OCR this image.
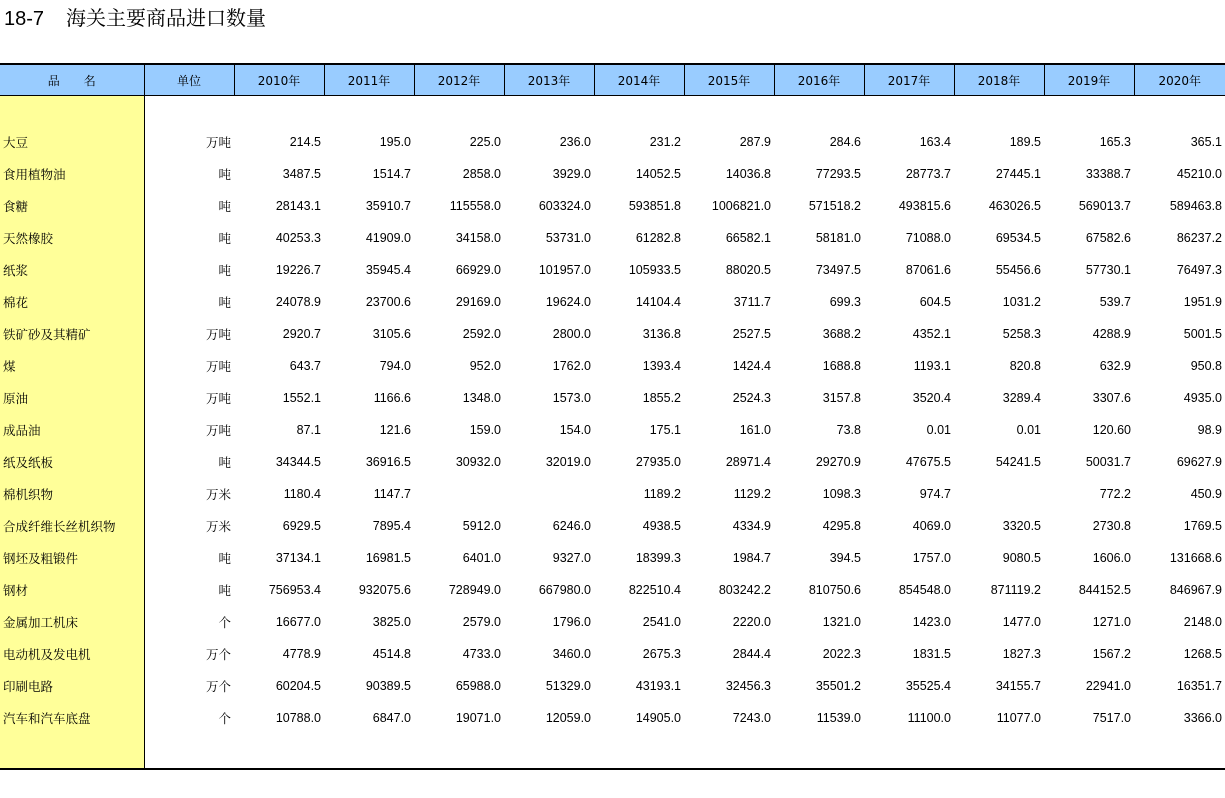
18-7 海关主要商品进口数量
品　　名	单位	2010年	2011年	2012年	2013年	2014年	2015年	2016年	2017年	2018年	2019年	2020年

大豆	万吨	214.5	195.0	225.0	236.0	231.2	287.9	284.6	163.4	189.5	165.3	365.1
食用植物油	吨	3487.5	1514.7	2858.0	3929.0	14052.5	14036.8	77293.5	28773.7	27445.1	33388.7	45210.0
食糖	吨	28143.1	35910.7	115558.0	603324.0	593851.8	1006821.0	571518.2	493815.6	463026.5	569013.7	589463.8
天然橡胶	吨	40253.3	41909.0	34158.0	53731.0	61282.8	66582.1	58181.0	71088.0	69534.5	67582.6	86237.2
纸浆	吨	19226.7	35945.4	66929.0	101957.0	105933.5	88020.5	73497.5	87061.6	55456.6	57730.1	76497.3
棉花	吨	24078.9	23700.6	29169.0	19624.0	14104.4	3711.7	699.3	604.5	1031.2	539.7	1951.9
铁矿砂及其精矿	万吨	2920.7	3105.6	2592.0	2800.0	3136.8	2527.5	3688.2	4352.1	5258.3	4288.9	5001.5
煤	万吨	643.7	794.0	952.0	1762.0	1393.4	1424.4	1688.8	1193.1	820.8	632.9	950.8
原油	万吨	1552.1	1166.6	1348.0	1573.0	1855.2	2524.3	3157.8	3520.4	3289.4	3307.6	4935.0
成品油	万吨	87.1	121.6	159.0	154.0	175.1	161.0	73.8	0.01	0.01	120.60	98.9
纸及纸板	吨	34344.5	36916.5	30932.0	32019.0	27935.0	28971.4	29270.9	47675.5	54241.5	50031.7	69627.9
棉机织物	万米	1180.4	1147.7			1189.2	1129.2	1098.3	974.7		772.2	450.9
合成纤维长丝机织物	万米	6929.5	7895.4	5912.0	6246.0	4938.5	4334.9	4295.8	4069.0	3320.5	2730.8	1769.5
钢坯及粗锻件	吨	37134.1	16981.5	6401.0	9327.0	18399.3	1984.7	394.5	1757.0	9080.5	1606.0	131668.6
钢材	吨	756953.4	932075.6	728949.0	667980.0	822510.4	803242.2	810750.6	854548.0	871119.2	844152.5	846967.9
金属加工机床	个	16677.0	3825.0	2579.0	1796.0	2541.0	2220.0	1321.0	1423.0	1477.0	1271.0	2148.0
电动机及发电机	万个	4778.9	4514.8	4733.0	3460.0	2675.3	2844.4	2022.3	1831.5	1827.3	1567.2	1268.5
印刷电路	万个	60204.5	90389.5	65988.0	51329.0	43193.1	32456.3	35501.2	35525.4	34155.7	22941.0	16351.7
汽车和汽车底盘	个	10788.0	6847.0	19071.0	12059.0	14905.0	7243.0	11539.0	11100.0	11077.0	7517.0	3366.0
